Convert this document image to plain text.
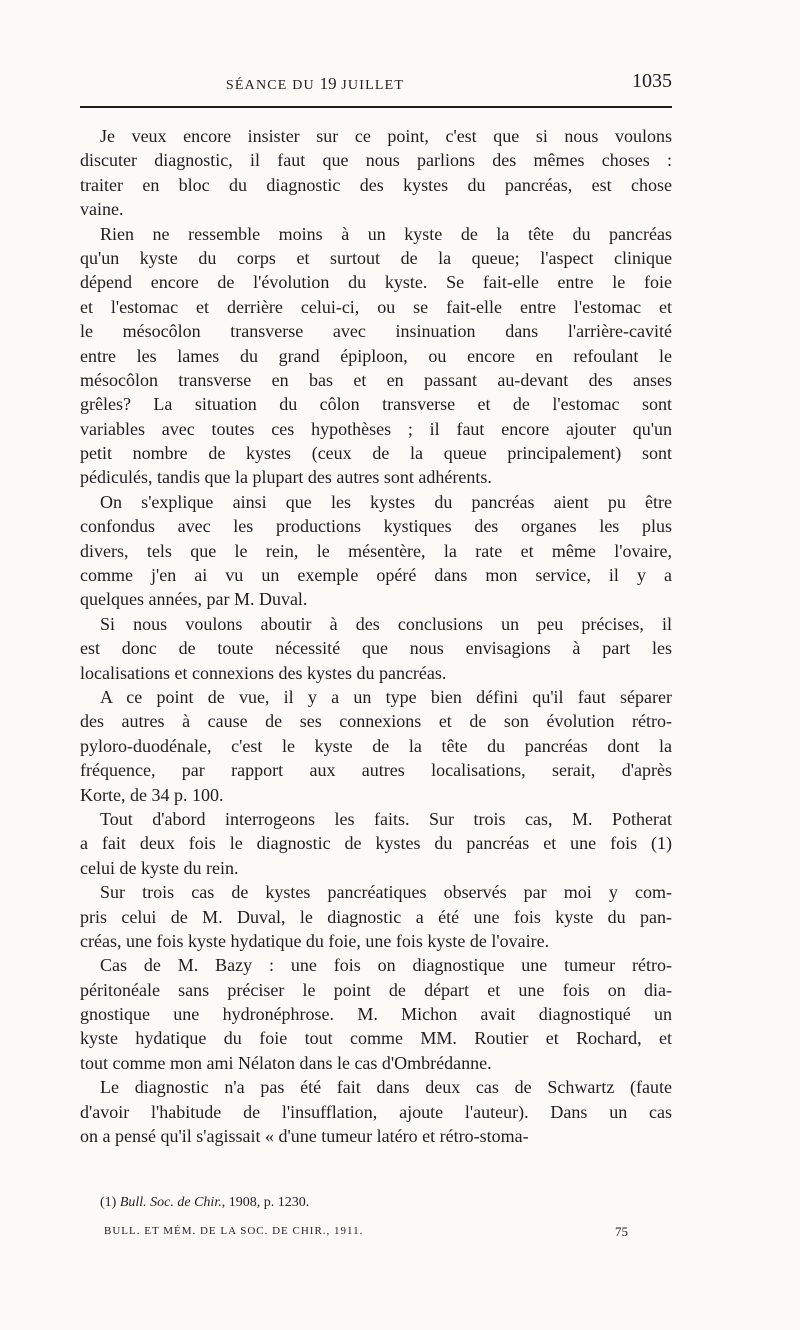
SÉANCE DU 19 JUILLET	1035

Je veux encore insister sur ce point, c'est que si nous voulons
discuter diagnostic, il faut que nous parlions des mêmes choses :
traiter en bloc du diagnostic des kystes du pancréas, est chose
vaine.

Rien ne ressemble moins à un kyste de la tête du pancréas
qu'un kyste du corps et surtout de la queue; l'aspect clinique
dépend encore de l'évolution du kyste. Se fait-elle entre le foie
et l'estomac et derrière celui-ci, ou se fait-elle entre l'estomac et
le mésocôlon transverse avec insinuation dans l'arrière-cavité
entre les lames du grand épiploon, ou encore en refoulant le
mésocôlon transverse en bas et en passant au-devant des anses
grêles? La situation du côlon transverse et de l'estomac sont
variables avec toutes ces hypothèses ; il faut encore ajouter qu'un
petit nombre de kystes (ceux de la queue principalement) sont
pédiculés, tandis que la plupart des autres sont adhérents.

On s'explique ainsi que les kystes du pancréas aient pu être
confondus avec les productions kystiques des organes les plus
divers, tels que le rein, le mésentère, la rate et même l'ovaire,
comme j'en ai vu un exemple opéré dans mon service, il y a
quelques années, par M. Duval.

Si nous voulons aboutir à des conclusions un peu précises, il
est donc de toute nécessité que nous envisagions à part les
localisations et connexions des kystes du pancréas.

A ce point de vue, il y a un type bien défini qu'il faut séparer
des autres à cause de ses connexions et de son évolution rétro-
pyloro-duodénale, c'est le kyste de la tête du pancréas dont la
fréquence, par rapport aux autres localisations, serait, d'après
Korte, de 34 p. 100.

Tout d'abord interrogeons les faits. Sur trois cas, M. Potherat
a fait deux fois le diagnostic de kystes du pancréas et une fois (1)
celui de kyste du rein.

Sur trois cas de kystes pancréatiques observés par moi y com-
pris celui de M. Duval, le diagnostic a été une fois kyste du pan-
créas, une fois kyste hydatique du foie, une fois kyste de l'ovaire.

Cas de M. Bazy : une fois on diagnostique une tumeur rétro-
péritonéale sans préciser le point de départ et une fois on dia-
gnostique une hydronéphrose. M. Michon avait diagnostiqué un
kyste hydatique du foie tout comme MM. Routier et Rochard, et
tout comme mon ami Nélaton dans le cas d'Ombrédanne.

Le diagnostic n'a pas été fait dans deux cas de Schwartz (faute
d'avoir l'habitude de l'insufflation, ajoute l'auteur). Dans un cas
on a pensé qu'il s'agissait « d'une tumeur latéro et rétro-stoma-

(1) Bull. Soc. de Chir., 1908, p. 1230.
BULL. ET MÉM. DE LA SOC. DE CHIR., 1911.	75
